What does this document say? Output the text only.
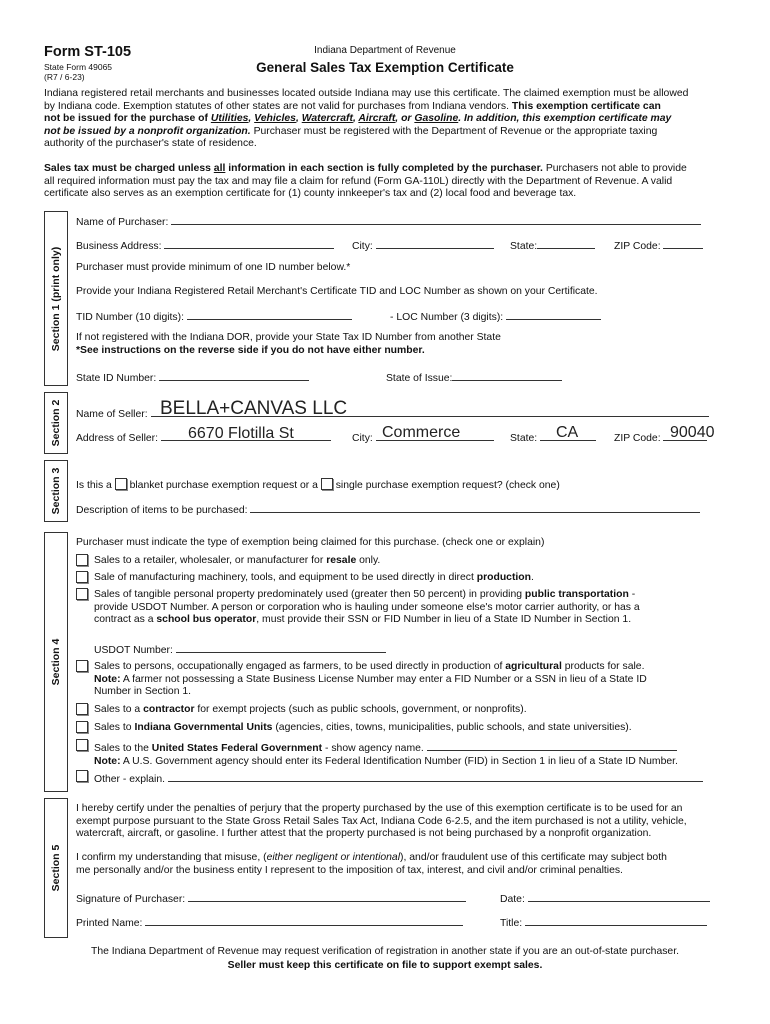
Form ST-105
State Form 49065
(R7 / 6-23)
Indiana Department of Revenue
General Sales Tax Exemption Certificate

Indiana registered retail merchants and businesses located outside Indiana may use this certificate. The claimed exemption must be allowed
by Indiana code. Exemption statutes of other states are not valid for purchases from Indiana vendors. This exemption certificate can
not be issued for the purchase of Utilities, Vehicles, Watercraft, Aircraft, or Gasoline. In addition, this exemption certificate may
not be issued by a nonprofit organization. Purchaser must be registered with the Department of Revenue or the appropriate taxing
authority of the purchaser's state of residence.

Sales tax must be charged unless all information in each section is fully completed by the purchaser. Purchasers not able to provide
all required information must pay the tax and may file a claim for refund (Form GA-110L) directly with the Department of Revenue. A valid
certificate also serves as an exemption certificate for (1) county innkeeper's tax and (2) local food and beverage tax.

Section 1 (print only)
Section 2
Section 3
Section 4
Section 5
Name of Purchaser:
Business Address:	City:	State:	ZIP Code:
Purchaser must provide minimum of one ID number below.*
Provide your Indiana Registered Retail Merchant's Certificate TID and LOC Number as shown on your Certificate.
TID Number (10 digits):	- LOC Number (3 digits):

If not registered with the Indiana DOR, provide your State Tax ID Number from another State
*See instructions on the reverse side if you do not have either number.

State ID Number:	State of Issue:
Name of Seller: BELLA+CANVAS LLC
Address of Seller:	6670 Flotilla St	City: Commerce	State:	CA	ZIP Code: 90040
Is this a blanket purchase exemption request or a single purchase exemption request? (check one)
Description of items to be purchased:
Purchaser must indicate the type of exemption being claimed for this purchase. (check one or explain)
Sales to a retailer, wholesaler, or manufacturer for resale only.
Sale of manufacturing machinery, tools, and equipment to be used directly in direct production.

Sales of tangible personal property predominately used (greater then 50 percent) in providing public transportation -
provide USDOT Number. A person or corporation who is hauling under someone else's motor carrier authority, or has a
contract as a school bus operator, must provide their SSN or FID Number in lieu of a State ID Number in Section 1.

USDOT Number:

Sales to persons, occupationally engaged as farmers, to be used directly in production of agricultural products for sale.
Note: A farmer not possessing a State Business License Number may enter a FID Number or a SSN in lieu of a State ID
Number in Section 1.

Sales to a contractor for exempt projects (such as public schools, government, or nonprofits).
Sales to Indiana Governmental Units (agencies, cities, towns, municipalities, public schools, and state universities).

Sales to the United States Federal Government - show agency name.
Note: A U.S. Government agency should enter its Federal Identification Number (FID) in Section 1 in lieu of a State ID Number.

Other - explain.

I hereby certify under the penalties of perjury that the property purchased by the use of this exemption certificate is to be used for an
exempt purpose pursuant to the State Gross Retail Sales Tax Act, Indiana Code 6-2.5, and the item purchased is not a utility, vehicle,
watercraft, aircraft, or gasoline. I further attest that the property purchased is not being purchased by a nonprofit organization.

I confirm my understanding that misuse, (either negligent or intentional), and/or fraudulent use of this certificate may subject both
me personally and/or the business entity I represent to the imposition of tax, interest, and civil and/or criminal penalties.

Signature of Purchaser:	Date:
Printed Name:	Title:
The Indiana Department of Revenue may request verification of registration in another state if you are an out-of-state purchaser.
Seller must keep this certificate on file to support exempt sales.
